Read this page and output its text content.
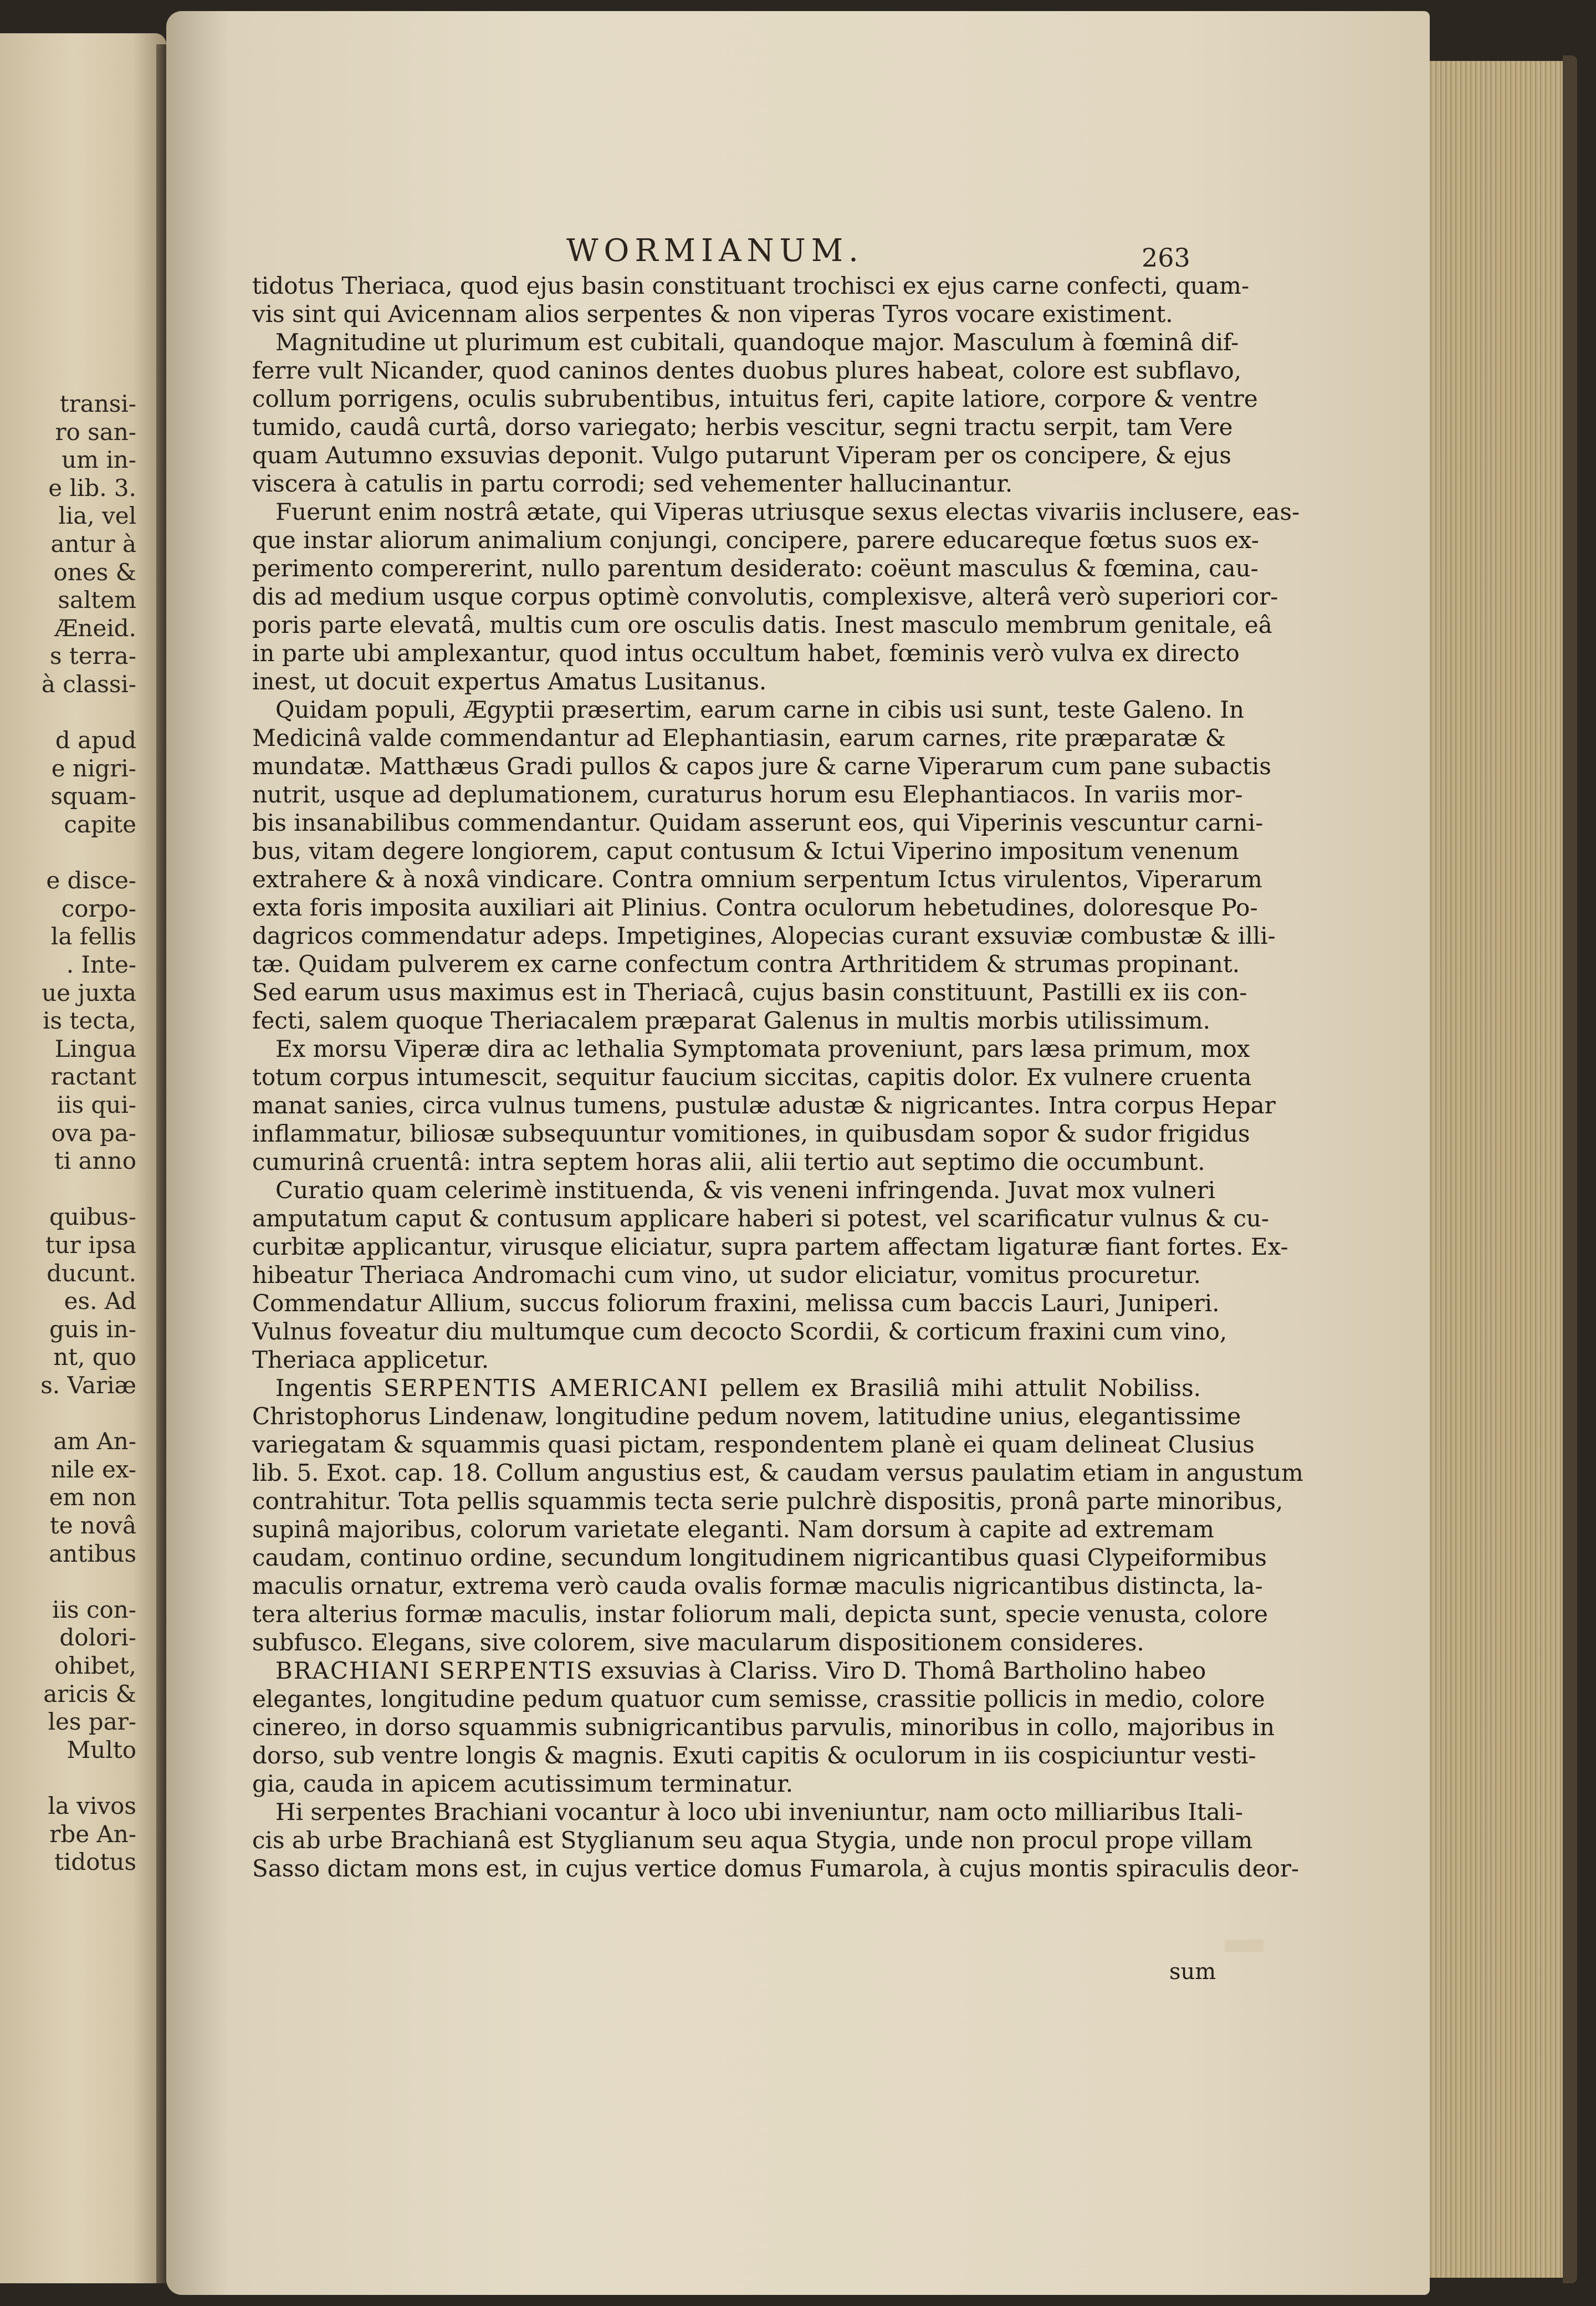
transi-
ro san-
um in-
e lib. 3.
lia, vel
antur à
ones &
saltem
Æneid.
s terra-
à classi-
d apud
e nigri-
squam-
capite
e disce-
corpo-
la fellis
. Inte-
ue juxta
is tecta,
Lingua
ractant
iis qui-
ova pa-
ti anno
quibus-
tur ipsa
ducunt.
es. Ad
guis in-
nt, quo
s. Variæ
am An-
nile ex-
em non
te novâ
antibus
iis con-
dolori-
ohibet,
aricis &
les par-
Multo
la vivos
rbe An-
tidotus
WORMIANUM.	263
tidotus Theriaca, quod ejus basin constituant trochisci ex ejus carne confecti, quam-
vis sint qui Avicennam alios serpentes & non viperas Tyros vocare existiment.
Magnitudine ut plurimum est cubitali, quandoque major. Masculum à fœminâ dif-
ferre vult Nicander, quod caninos dentes duobus plures habeat, colore est subflavo,
collum porrigens, oculis subrubentibus, intuitus feri, capite latiore, corpore & ventre
tumido, caudâ curtâ, dorso variegato; herbis vescitur, segni tractu serpit, tam Vere
quam Autumno exsuvias deponit. Vulgo putarunt Viperam per os concipere, & ejus
viscera à catulis in partu corrodi; sed vehementer hallucinantur.
Fuerunt enim nostrâ ætate, qui Viperas utriusque sexus electas vivariis inclusere, eas-
que instar aliorum animalium conjungi, concipere, parere educareque fœtus suos ex-
perimento compererint, nullo parentum desiderato: coëunt masculus & fœmina, cau-
dis ad medium usque corpus optimè convolutis, complexisve, alterâ verò superiori cor-
poris parte elevatâ, multis cum ore osculis datis. Inest masculo membrum genitale, eâ
in parte ubi amplexantur, quod intus occultum habet, fœminis verò vulva ex directo
inest, ut docuit expertus Amatus Lusitanus.
Quidam populi, Ægyptii præsertim, earum carne in cibis usi sunt, teste Galeno. In
Medicinâ valde commendantur ad Elephantiasin, earum carnes, rite præparatæ &
mundatæ. Matthæus Gradi pullos & capos jure & carne Viperarum cum pane subactis
nutrit, usque ad deplumationem, curaturus horum esu Elephantiacos. In variis mor-
bis insanabilibus commendantur. Quidam asserunt eos, qui Viperinis vescuntur carni-
bus, vitam degere longiorem, caput contusum & Ictui Viperino impositum venenum
extrahere & à noxâ vindicare. Contra omnium serpentum Ictus virulentos, Viperarum
exta foris imposita auxiliari ait Plinius. Contra oculorum hebetudines, doloresque Po-
dagricos commendatur adeps. Impetigines, Alopecias curant exsuviæ combustæ & illi-
tæ. Quidam pulverem ex carne confectum contra Arthritidem & strumas propinant.
Sed earum usus maximus est in Theriacâ, cujus basin constituunt, Pastilli ex iis con-
fecti, salem quoque Theriacalem præparat Galenus in multis morbis utilissimum.
Ex morsu Viperæ dira ac lethalia Symptomata proveniunt, pars læsa primum, mox
totum corpus intumescit, sequitur faucium siccitas, capitis dolor. Ex vulnere cruenta
manat sanies, circa vulnus tumens, pustulæ adustæ & nigricantes. Intra corpus Hepar
inflammatur, biliosæ subsequuntur vomitiones, in quibusdam sopor & sudor frigidus
cumurinâ cruentâ: intra septem horas alii, alii tertio aut septimo die occumbunt.
Curatio quam celerimè instituenda, & vis veneni infringenda. Juvat mox vulneri
amputatum caput & contusum applicare haberi si potest, vel scarificatur vulnus & cu-
curbitæ applicantur, virusque eliciatur, supra partem affectam ligaturæ fiant fortes. Ex-
hibeatur Theriaca Andromachi cum vino, ut sudor eliciatur, vomitus procuretur.
Commendatur Allium, succus foliorum fraxini, melissa cum baccis Lauri, Juniperi.
Vulnus foveatur diu multumque cum decocto Scordii, & corticum fraxini cum vino,
Theriaca applicetur.
Ingentis SERPENTIS AMERICANI pellem ex Brasiliâ mihi attulit Nobiliss.
Christophorus Lindenaw, longitudine pedum novem, latitudine unius, elegantissime
variegatam & squammis quasi pictam, respondentem planè ei quam delineat Clusius
lib. 5. Exot. cap. 18. Collum angustius est, & caudam versus paulatim etiam in angustum
contrahitur. Tota pellis squammis tecta serie pulchrè dispositis, pronâ parte minoribus,
supinâ majoribus, colorum varietate eleganti. Nam dorsum à capite ad extremam
caudam, continuo ordine, secundum longitudinem nigricantibus quasi Clypeiformibus
maculis ornatur, extrema verò cauda ovalis formæ maculis nigricantibus distincta, la-
tera alterius formæ maculis, instar foliorum mali, depicta sunt, specie venusta, colore
subfusco. Elegans, sive colorem, sive macularum dispositionem consideres.
BRACHIANI SERPENTIS exsuvias à Clariss. Viro D. Thomâ Bartholino habeo
elegantes, longitudine pedum quatuor cum semisse, crassitie pollicis in medio, colore
cinereo, in dorso squammis subnigricantibus parvulis, minoribus in collo, majoribus in
dorso, sub ventre longis & magnis. Exuti capitis & oculorum in iis cospiciuntur vesti-
gia, cauda in apicem acutissimum terminatur.
Hi serpentes Brachiani vocantur à loco ubi inveniuntur, nam octo milliaribus Itali-
cis ab urbe Brachianâ est Styglianum seu aqua Stygia, unde non procul prope villam
Sasso dictam mons est, in cujus vertice domus Fumarola, à cujus montis spiraculis deor-
sum
